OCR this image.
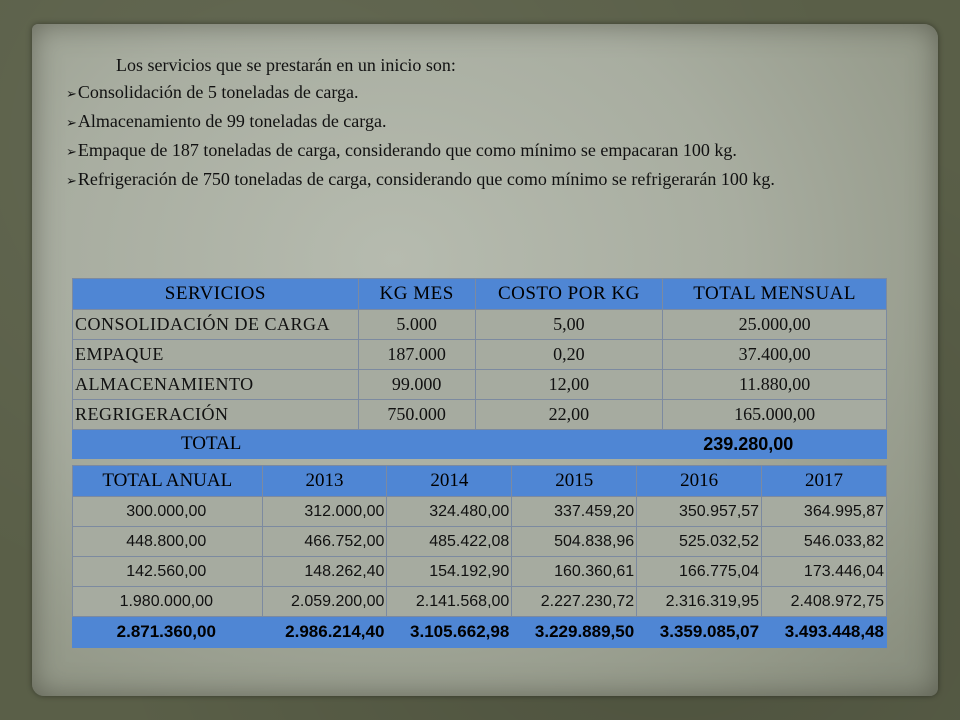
Los servicios que se prestarán en un inicio son:

➢Consolidación de 5 toneladas de carga.

➢Almacenamiento de 99 toneladas de carga.

➢Empaque de 187 toneladas de carga, considerando que como mínimo se empacaran 100 kg.

➢Refrigeración de 750 toneladas de carga, considerando que como mínimo se refrigerarán 100 kg.

SERVICIOS	KG MES	COSTO POR KG	TOTAL MENSUAL
CONSOLIDACIÓN DE CARGA	5.000	5,00	25.000,00
EMPAQUE	187.000	0,20	37.400,00
ALMACENAMIENTO	99.000	12,00	11.880,00
REGRIGERACIÓN	750.000	22,00	165.000,00
TOTAL			239.280,00
TOTAL ANUAL	2013	2014	2015	2016	2017
300.000,00	312.000,00	324.480,00	337.459,20	350.957,57	364.995,87
448.800,00	466.752,00	485.422,08	504.838,96	525.032,52	546.033,82
142.560,00	148.262,40	154.192,90	160.360,61	166.775,04	173.446,04
1.980.000,00	2.059.200,00	2.141.568,00	2.227.230,72	2.316.319,95	2.408.972,75
2.871.360,00	2.986.214,40	3.105.662,98	3.229.889,50	3.359.085,07	3.493.448,48
